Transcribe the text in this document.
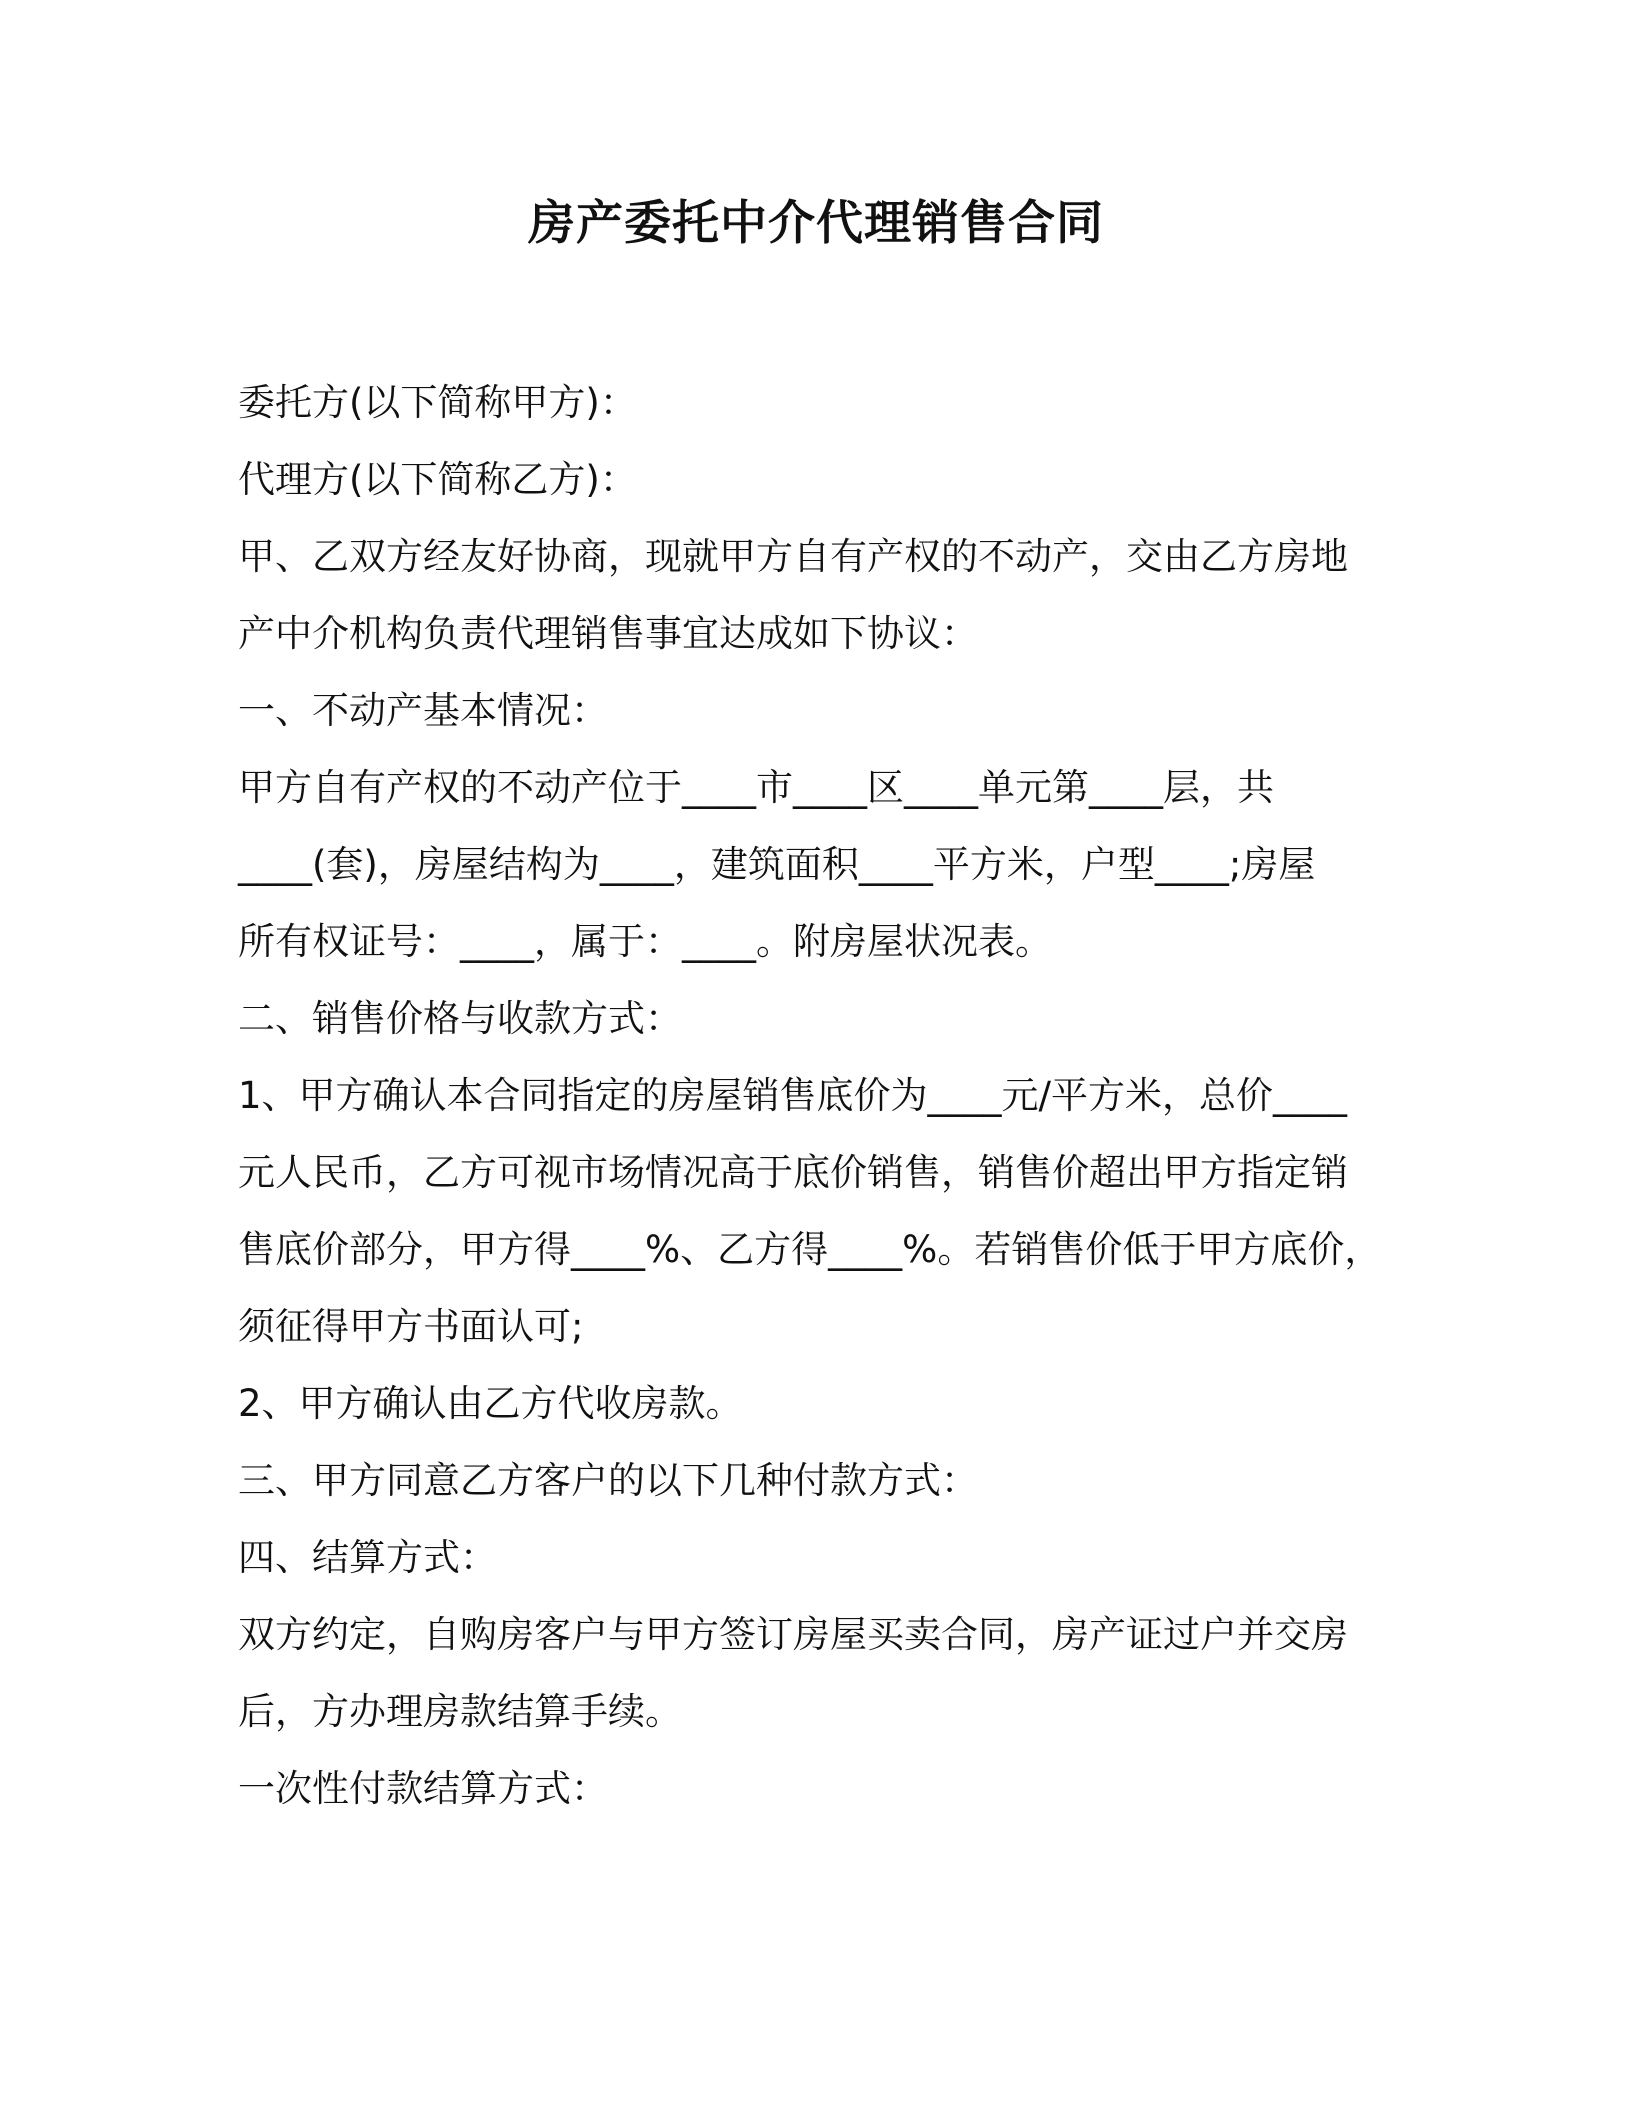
房产委托中介代理销售合同
委托方(以下简称甲方)：
代理方(以下简称乙方)：
甲、乙双方经友好协商，现就甲方自有产权的不动产，交由乙方房地
产中介机构负责代理销售事宜达成如下协议：
一、不动产基本情况：
甲方自有产权的不动产位于____市____区____单元第____层，共
____(套)，房屋结构为____，建筑面积____平方米，户型____;房屋
所有权证号：____，属于：____。附房屋状况表。
二、销售价格与收款方式：
1、甲方确认本合同指定的房屋销售底价为____元/平方米，总价____
元人民币，乙方可视市场情况高于底价销售，销售价超出甲方指定销
售底价部分，甲方得____%、乙方得____%。若销售价低于甲方底价，
须征得甲方书面认可;
2、甲方确认由乙方代收房款。
三、甲方同意乙方客户的以下几种付款方式：
四、结算方式：
双方约定，自购房客户与甲方签订房屋买卖合同，房产证过户并交房
后，方办理房款结算手续。
一次性付款结算方式：
